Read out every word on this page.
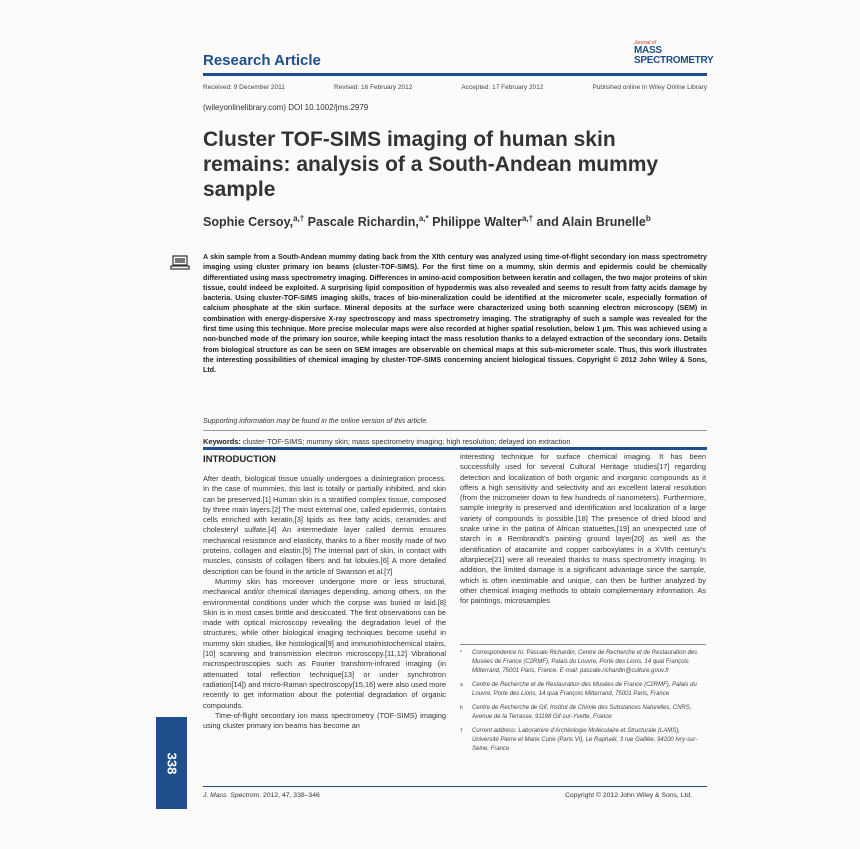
Research Article
Journal of
MASS
SPECTROMETRY
Received: 9 December 2011	Revised: 16 February 2012	Accepted: 17 February 2012	Published online in Wiley Online Library
(wileyonlinelibrary.com) DOI 10.1002/jms.2979
Cluster TOF-SIMS imaging of human skin remains: analysis of a South-Andean mummy sample
Sophie Cersoy,$^{a,\dagger}$ Pascale Richardin,$^{a,*}$ Philippe Walter$^{a,\dagger}$ and Alain Brunelle$^b$
A skin sample from a South-Andean mummy dating back from the XIth century was analyzed using time-of-flight secondary ion mass spectrometry imaging using cluster primary ion beams (cluster-TOF-SIMS). For the first time on a mummy, skin dermis and epidermis could be chemically differentiated using mass spectrometry imaging. Differences in amino-acid composition between keratin and collagen, the two major proteins of skin tissue, could indeed be exploited. A surprising lipid composition of hypodermis was also revealed and seems to result from fatty acids damage by bacteria. Using cluster-TOF-SIMS imaging skills, traces of bio-mineralization could be identified at the micrometer scale, especially formation of calcium phosphate at the skin surface. Mineral deposits at the surface were characterized using both scanning electron microscopy (SEM) in combination with energy-dispersive X-ray spectroscopy and mass spectrometry imaging. The stratigraphy of such a sample was revealed for the first time using this technique. More precise molecular maps were also recorded at higher spatial resolution, below 1 µm. This was achieved using a non-bunched mode of the primary ion source, while keeping intact the mass resolution thanks to a delayed extraction of the secondary ions. Details from biological structure as can be seen on SEM images are observable on chemical maps at this sub-micrometer scale. Thus, this work illustrates the interesting possibilities of chemical imaging by cluster-TOF-SIMS concerning ancient biological tissues. Copyright © 2012 John Wiley & Sons, Ltd.
Supporting information may be found in the online version of this article.
Keywords: cluster-TOF-SIMS; mummy skin; mass spectrometry imaging; high resolution; delayed ion extraction
INTRODUCTION

After death, biological tissue usually undergoes a disintegration process. In the case of mummies, this last is totally or partially inhibited, and skin can be preserved.[1] Human skin is a stratified complex tissue, composed by three main layers.[2] The most external one, called epidermis, contains cells enriched with keratin,[3] lipids as free fatty acids, ceramides and cholesteryl sulfate.[4] An intermediate layer called dermis ensures mechanical resistance and elasticity, thanks to a fiber mostly made of two proteins, collagen and elastin.[5] The internal part of skin, in contact with muscles, consists of collagen fibers and fat lobules.[6] A more detailed description can be found in the article of Swanson et al.[7]

Mummy skin has moreover undergone more or less structural, mechanical and/or chemical damages depending, among others, on the environmental conditions under which the corpse was buried or laid.[8] Skin is in most cases brittle and desiccated. The first observations can be made with optical microscopy revealing the degradation level of the structures, while other biological imaging techniques become useful in mummy skin studies, like histological[9] and immunohistochemical stains,[10] scanning and transmission electron microscopy.[11,12] Vibrational microspectroscopies such as Fourier transform-infrared imaging (in attenuated total reflection technique[13] or under synchrotron radiation[14]) and micro-Raman spectroscopy[15,16] were also used more recently to get information about the potential degradation of organic compounds.

Time-of-flight secondary ion mass spectrometry (TOF-SIMS) imaging using cluster primary ion beams has become an

interesting technique for surface chemical imaging. It has been successfully used for several Cultural Heritage studies[17] regarding detection and localization of both organic and inorganic compounds as it offers a high sensitivity and selectivity and an excellent lateral resolution (from the micrometer down to few hundreds of nanometers). Furthermore, sample integrity is preserved and identification and localization of a large variety of compounds is possible.[18] The presence of dried blood and snake urine in the patina of African statuettes,[19] an unexpected use of starch in a Rembrandt's painting ground layer[20] as well as the identification of atacamite and copper carboxylates in a XVIth century's altarpiece[21] were all revealed thanks to mass spectrometry imaging. In addition, the limited damage is a significant advantage since the sample, which is often inestimable and unique, can then be further analyzed by other chemical imaging methods to obtain complementary information. As for paintings, microsamples

*	Correspondence to: Pascale Richardin, Centre de Recherche et de Restauration des Musées de France (C2RMF), Palais du Louvre, Porte des Lions, 14 quai François Mitterrand, 75001 Paris, France. E-mail: pascale.richardin@culture.gouv.fr
a	Centre de Recherche et de Restauration des Musées de France (C2RMF), Palais du Louvre, Porte des Lions, 14 quai François Mitterrand, 75001 Paris, France
b	Centre de Recherche de Gif, Institut de Chimie des Substances Naturelles, CNRS, Avenue de la Terrasse, 91198 Gif-sur-Yvette, France
†	Current address: Laboratoire d'Archéologie Moléculaire et Structurale (LAMS), Université Pierre et Marie Curie (Paris VI), Le Raphaël, 3 rue Galilée, 94200 Ivry-sur-Seine, France
J. Mass. Spectrom. 2012, 47, 338–346	Copyright © 2012 John Wiley & Sons, Ltd.
338
